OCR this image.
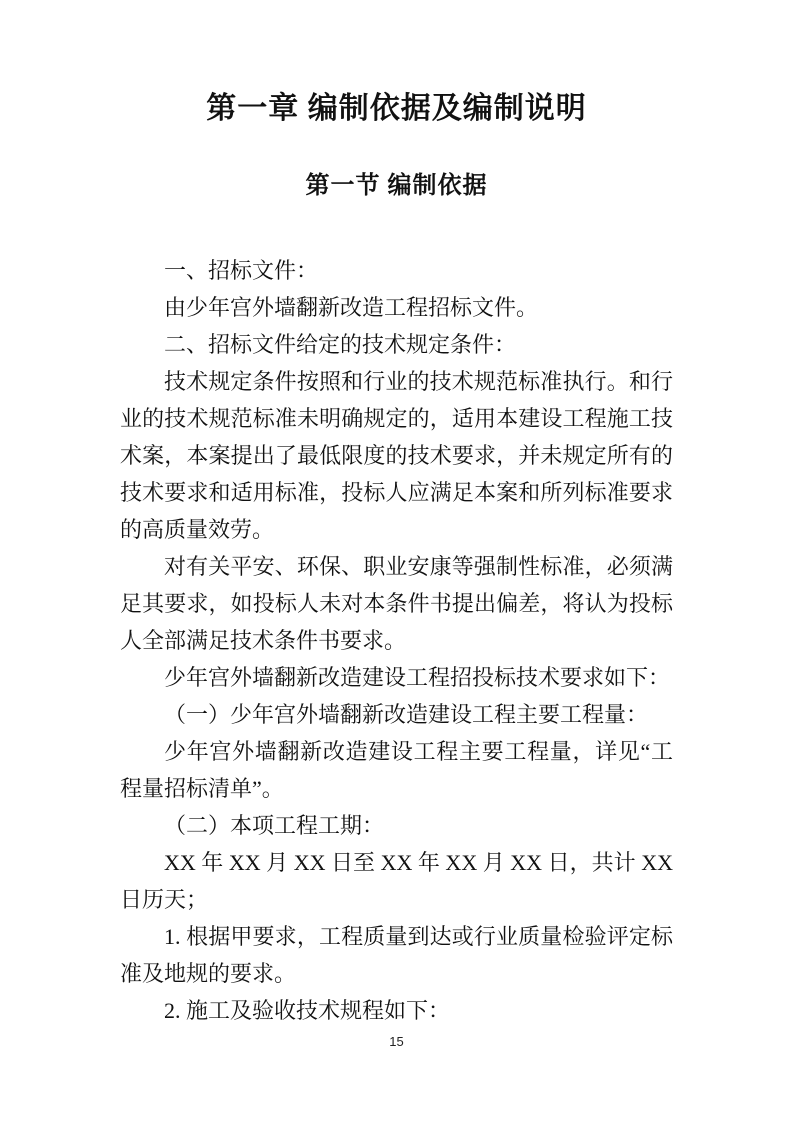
第一章 编制依据及编制说明
第一节 编制依据

一、招标文件：

由少年宫外墙翻新改造工程招标文件。

二、招标文件给定的技术规定条件：

技术规定条件按照和行业的技术规范标准执行。和行业的技术规范标准未明确规定的，适用本建设工程施工技术案，本案提出了最低限度的技术要求，并未规定所有的技术要求和适用标准，投标人应满足本案和所列标准要求的高质量效劳。

对有关平安、环保、职业安康等强制性标准，必须满足其要求，如投标人未对本条件书提出偏差，将认为投标人全部满足技术条件书要求。

少年宫外墙翻新改造建设工程招投标技术要求如下：

（一）少年宫外墙翻新改造建设工程主要工程量：

少年宫外墙翻新改造建设工程主要工程量，详见“工程量招标清单”。

（二）本项工程工期：

XX 年 XX 月 XX 日至 XX 年 XX 月 XX 日，共计 XX 日历天；

1. 根据甲要求，工程质量到达或行业质量检验评定标准及地规的要求。

2. 施工及验收技术规程如下：

15
